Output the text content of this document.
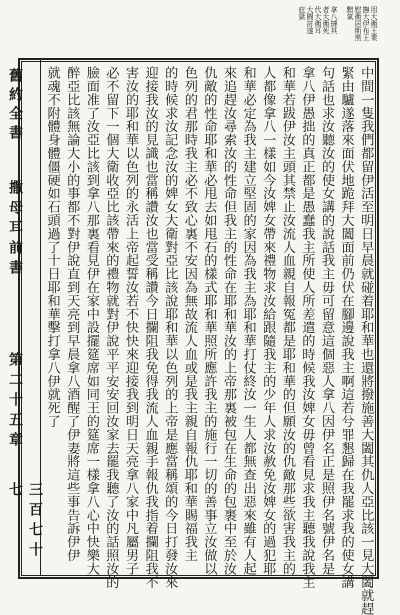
用大衛王業
撫大伊布王
慰衛居斯黑
黯氣
拿八撻其
者大衛死
代大衛耳
大闘討遂
庇獄
舊約全書
撒母耳前書
第二十五章
三百七十七	中間一隻我們都留伊活至明日早晨就碰着耶和華也還將撥施善大闔其仇人亞比該一見大闔就趕
緊由驢遂落來面伏地跪拜大闔面前仍伏在腳邊說我主啊這若兮罪懇歸在我罷求我的使女講
句話也求汝聽汝的使女講的說話我主毋可留意這個惡人拿八因伊名正是照伊名號伊名是
拿八伊愚拙的真正都是愚蠢我主所使人所差遣的時候我汝婢女毋曾看見求我主聽我說我主
和華若跋伊汝主頭其禁止汝流人血親自報冤都是耶和華的但願汝的仇敵那些欲害我主的
人都像拿八一樣如今汝婢女帶來禮物求汝給跟隨我主的少年人求汝赦免汝婢女的過犯耶
和華必定為我主建立堅固的家因為我主為耶和華打仗終汝一生人都無查出惡來雖有人起
來追趕汝尋索汝的性命但我主的性命在耶和華汝的上帝那裏被包在生命的包裹中至於汝
仇敵的性命耶和華必甩去如甩石的樣式耶和華照所應許我主的施行一切的善事立汝做以
色列的君那時我主必不致心裏不安因為無故流人血或是我主親自報仇耶和華賜福我主
的時候求汝記念汝的婢女大衛對亞比該說耶和華以色列的上帝是應當稱頌的今日打發汝來
迎接我汝的見識也當稱讚汝也當受稱讚今日攔阻我免得我流人血親手報仇我指着攔阻我不
害汝的耶和華以色列的永活上帝起誓汝若不快快來迎接我到明日天亮拿八家中凡屬男子
必不留下一個大衛收亞比該帶來的禮物就對伊說平平安安回汝家去罷我聽了汝的話照汝的
臉面准了汝亞比該到拿八那裏看見伊在家中設擺筵席如同王的筵席一樣拿八心中快樂大
醉亞比該無論大小的事都不對伊說直到天亮到早晨拿八酒醒了伊妻將這些事告訴伊伊
就魂不附體身體僵硬如石頭過了十日耶和華擊打拿八伊就死了
